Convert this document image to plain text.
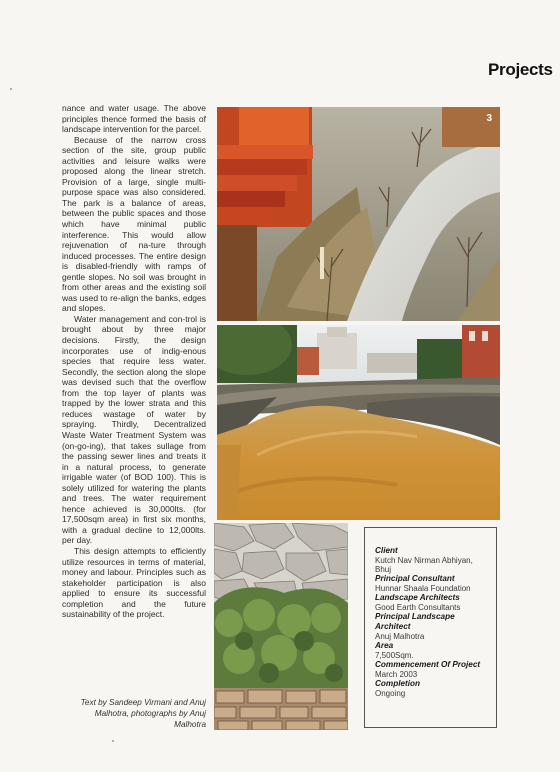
Projects

nance and water usage. The above principles thence formed the basis of landscape intervention for the parcel.

Because of the narrow cross section of the site, group public activities and leisure walks were proposed along the linear stretch. Provision of a large, single multi-purpose space was also considered. The park is a balance of areas, between the public spaces and those which have minimal public interference. This would allow rejuvenation of na-ture through induced processes. The entire design is disabled-friendly with ramps of gentle slopes. No soil was brought in from other areas and the existing soil was used to re-align the banks, edges and slopes.

Water management and con-trol is brought about by three major decisions. Firstly, the design incorporates use of indig-enous species that require less water. Secondly, the section along the slope was devised such that the overflow from the top layer of plants was trapped by the lower strata and this reduces wastage of water by spraying. Thirdly, Decentralized Waste Water Treatment System was (on-go-ing), that takes sullage from the passing sewer lines and treats it in a natural process, to generate irrigable water (of BOD 100). This is solely utilized for watering the plants and trees. The water requirement hence achieved is 30,000lts. (for 17,500sqm area) in first six months, with a gradual decline to 12,000lts. per day.

This design attempts to efficiently utilize resources in terms of material, money and labour. Principles such as stakeholder participation is also applied to ensure its successful completion and the future sustainability of the project.

Text by Sandeep Virmani and Anuj Malhotra, photographs by Anuj Malhotra
3
Client
Kutch Nav Nirman Abhiyan, Bhuj
Principal Consultant
Hunnar Shaala Foundation
Landscape Architects
Good Earth Consultants
Principal Landscape Architect
Anuj Malhotra
Area
7,500Sqm.
Commencement Of Project
March 2003
Completion
Ongoing
